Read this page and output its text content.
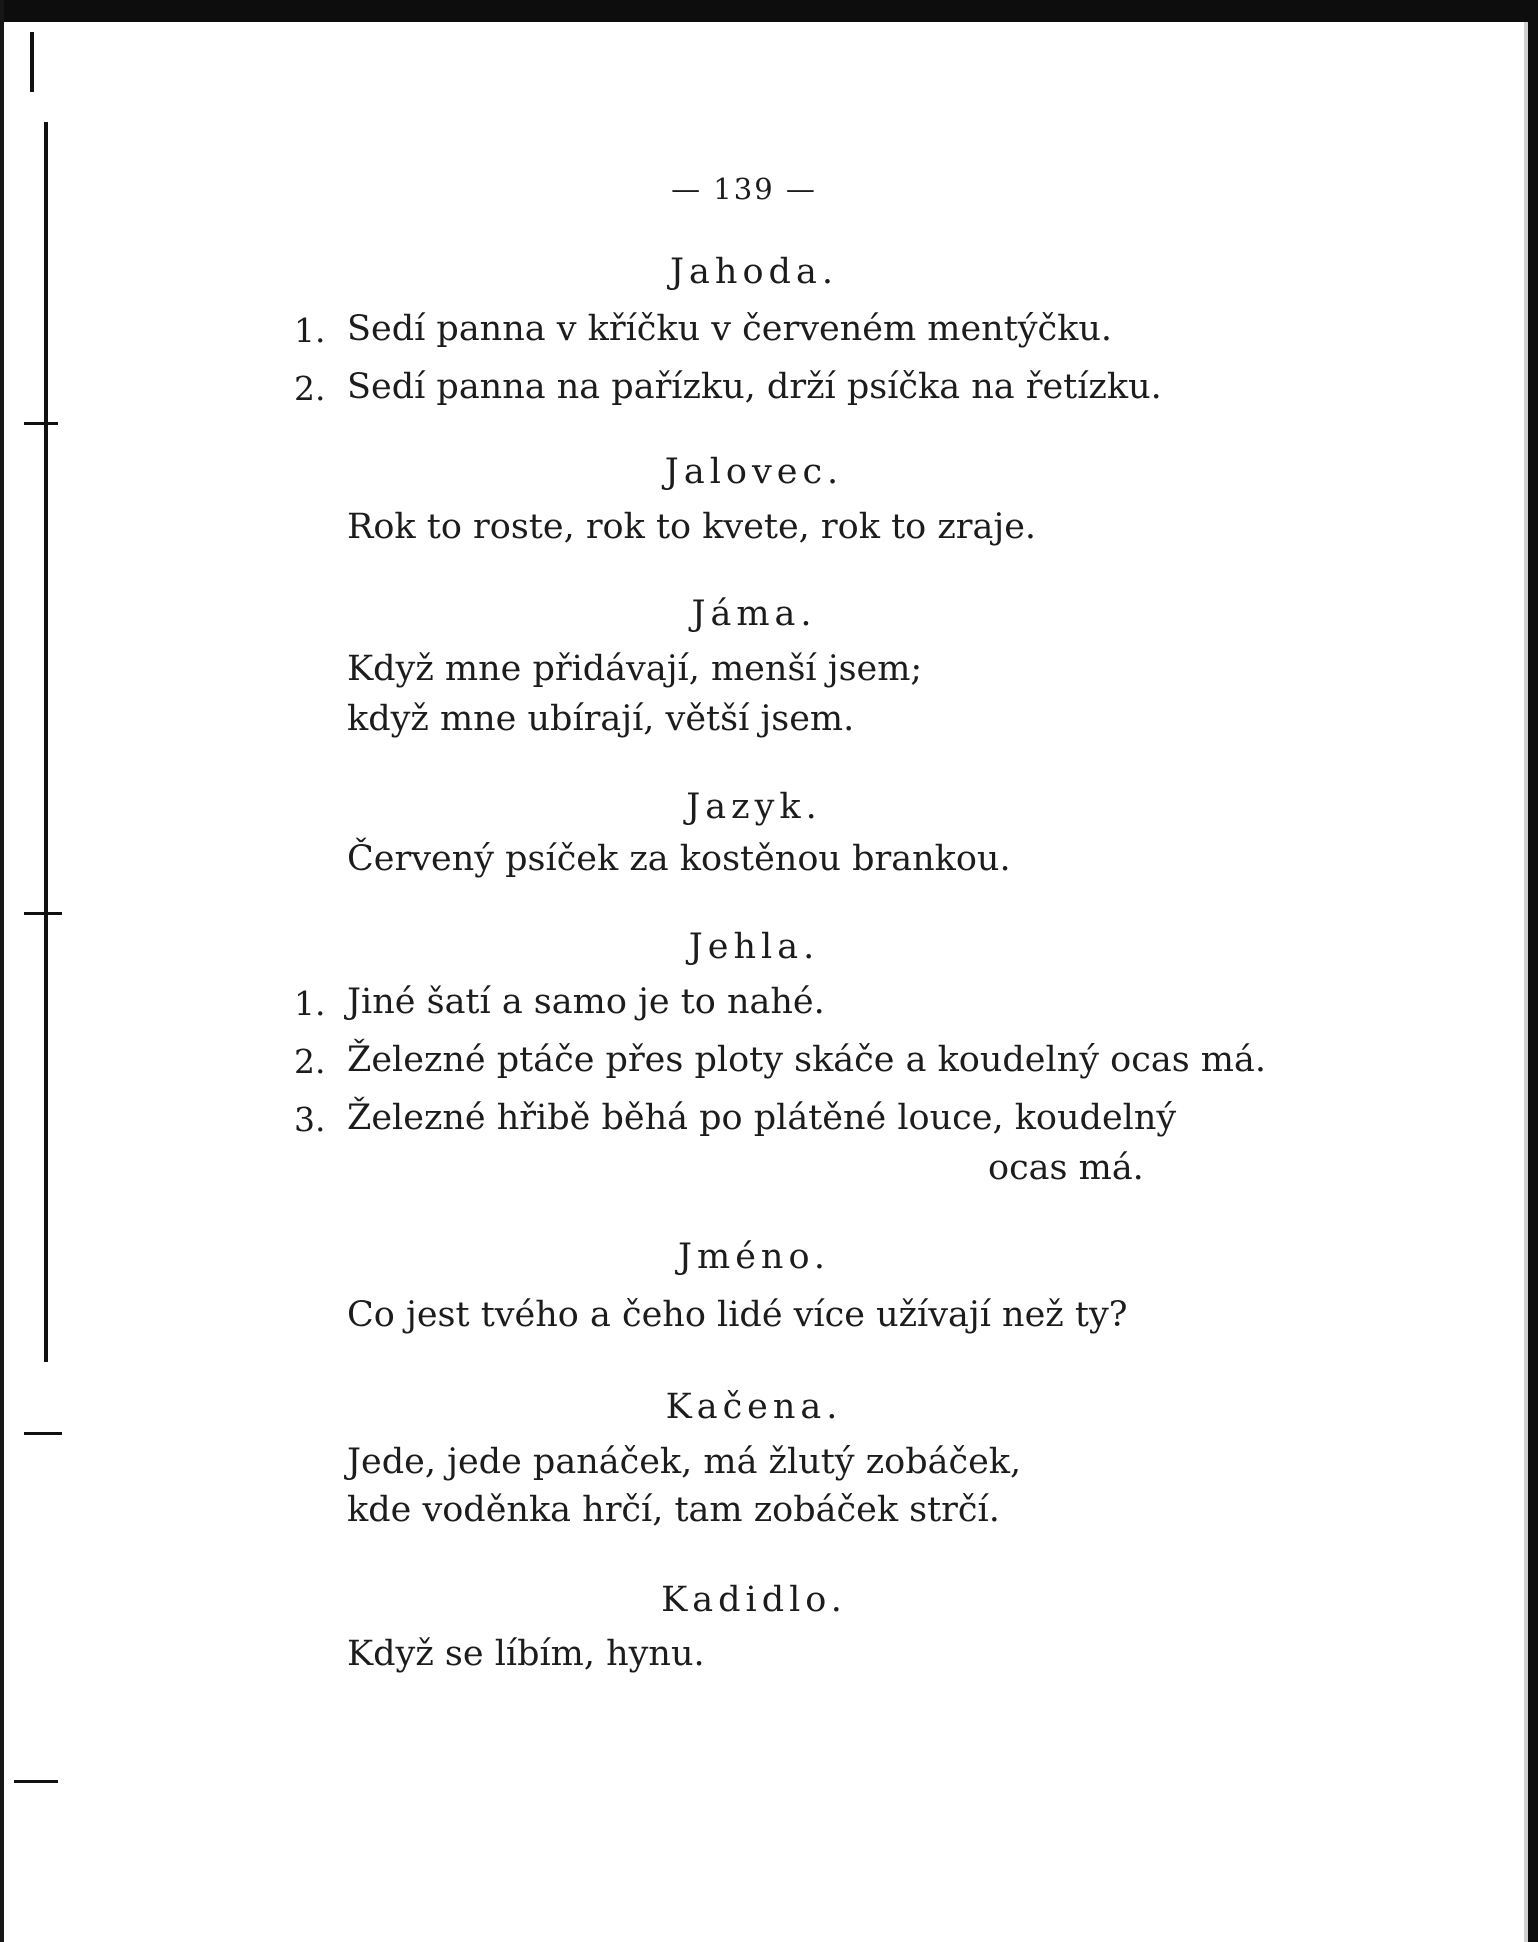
— 139 —
Jahoda.
1. Sedí panna v kříčku v červeném mentýčku.
2. Sedí panna na pařízku, drží psíčka na řetízku.
Jalovec.
Rok to roste, rok to kvete, rok to zraje.
Jáma.
Když mne přidávají, menší jsem;
když mne ubírají, větší jsem.
Jazyk.
Červený psíček za kostěnou brankou.
Jehla.
1. Jiné šatí a samo je to nahé.
2. Železné ptáče přes ploty skáče a koudelný ocas má.
3. Železné hřibě běhá po plátěné louce, koudelný
ocas má.
Jméno.
Co jest tvého a čeho lidé více užívají než ty?
Kačena.
Jede, jede panáček, má žlutý zobáček,
kde voděnka hrčí, tam zobáček strčí.
Kadidlo.
Když se líbím, hynu.
